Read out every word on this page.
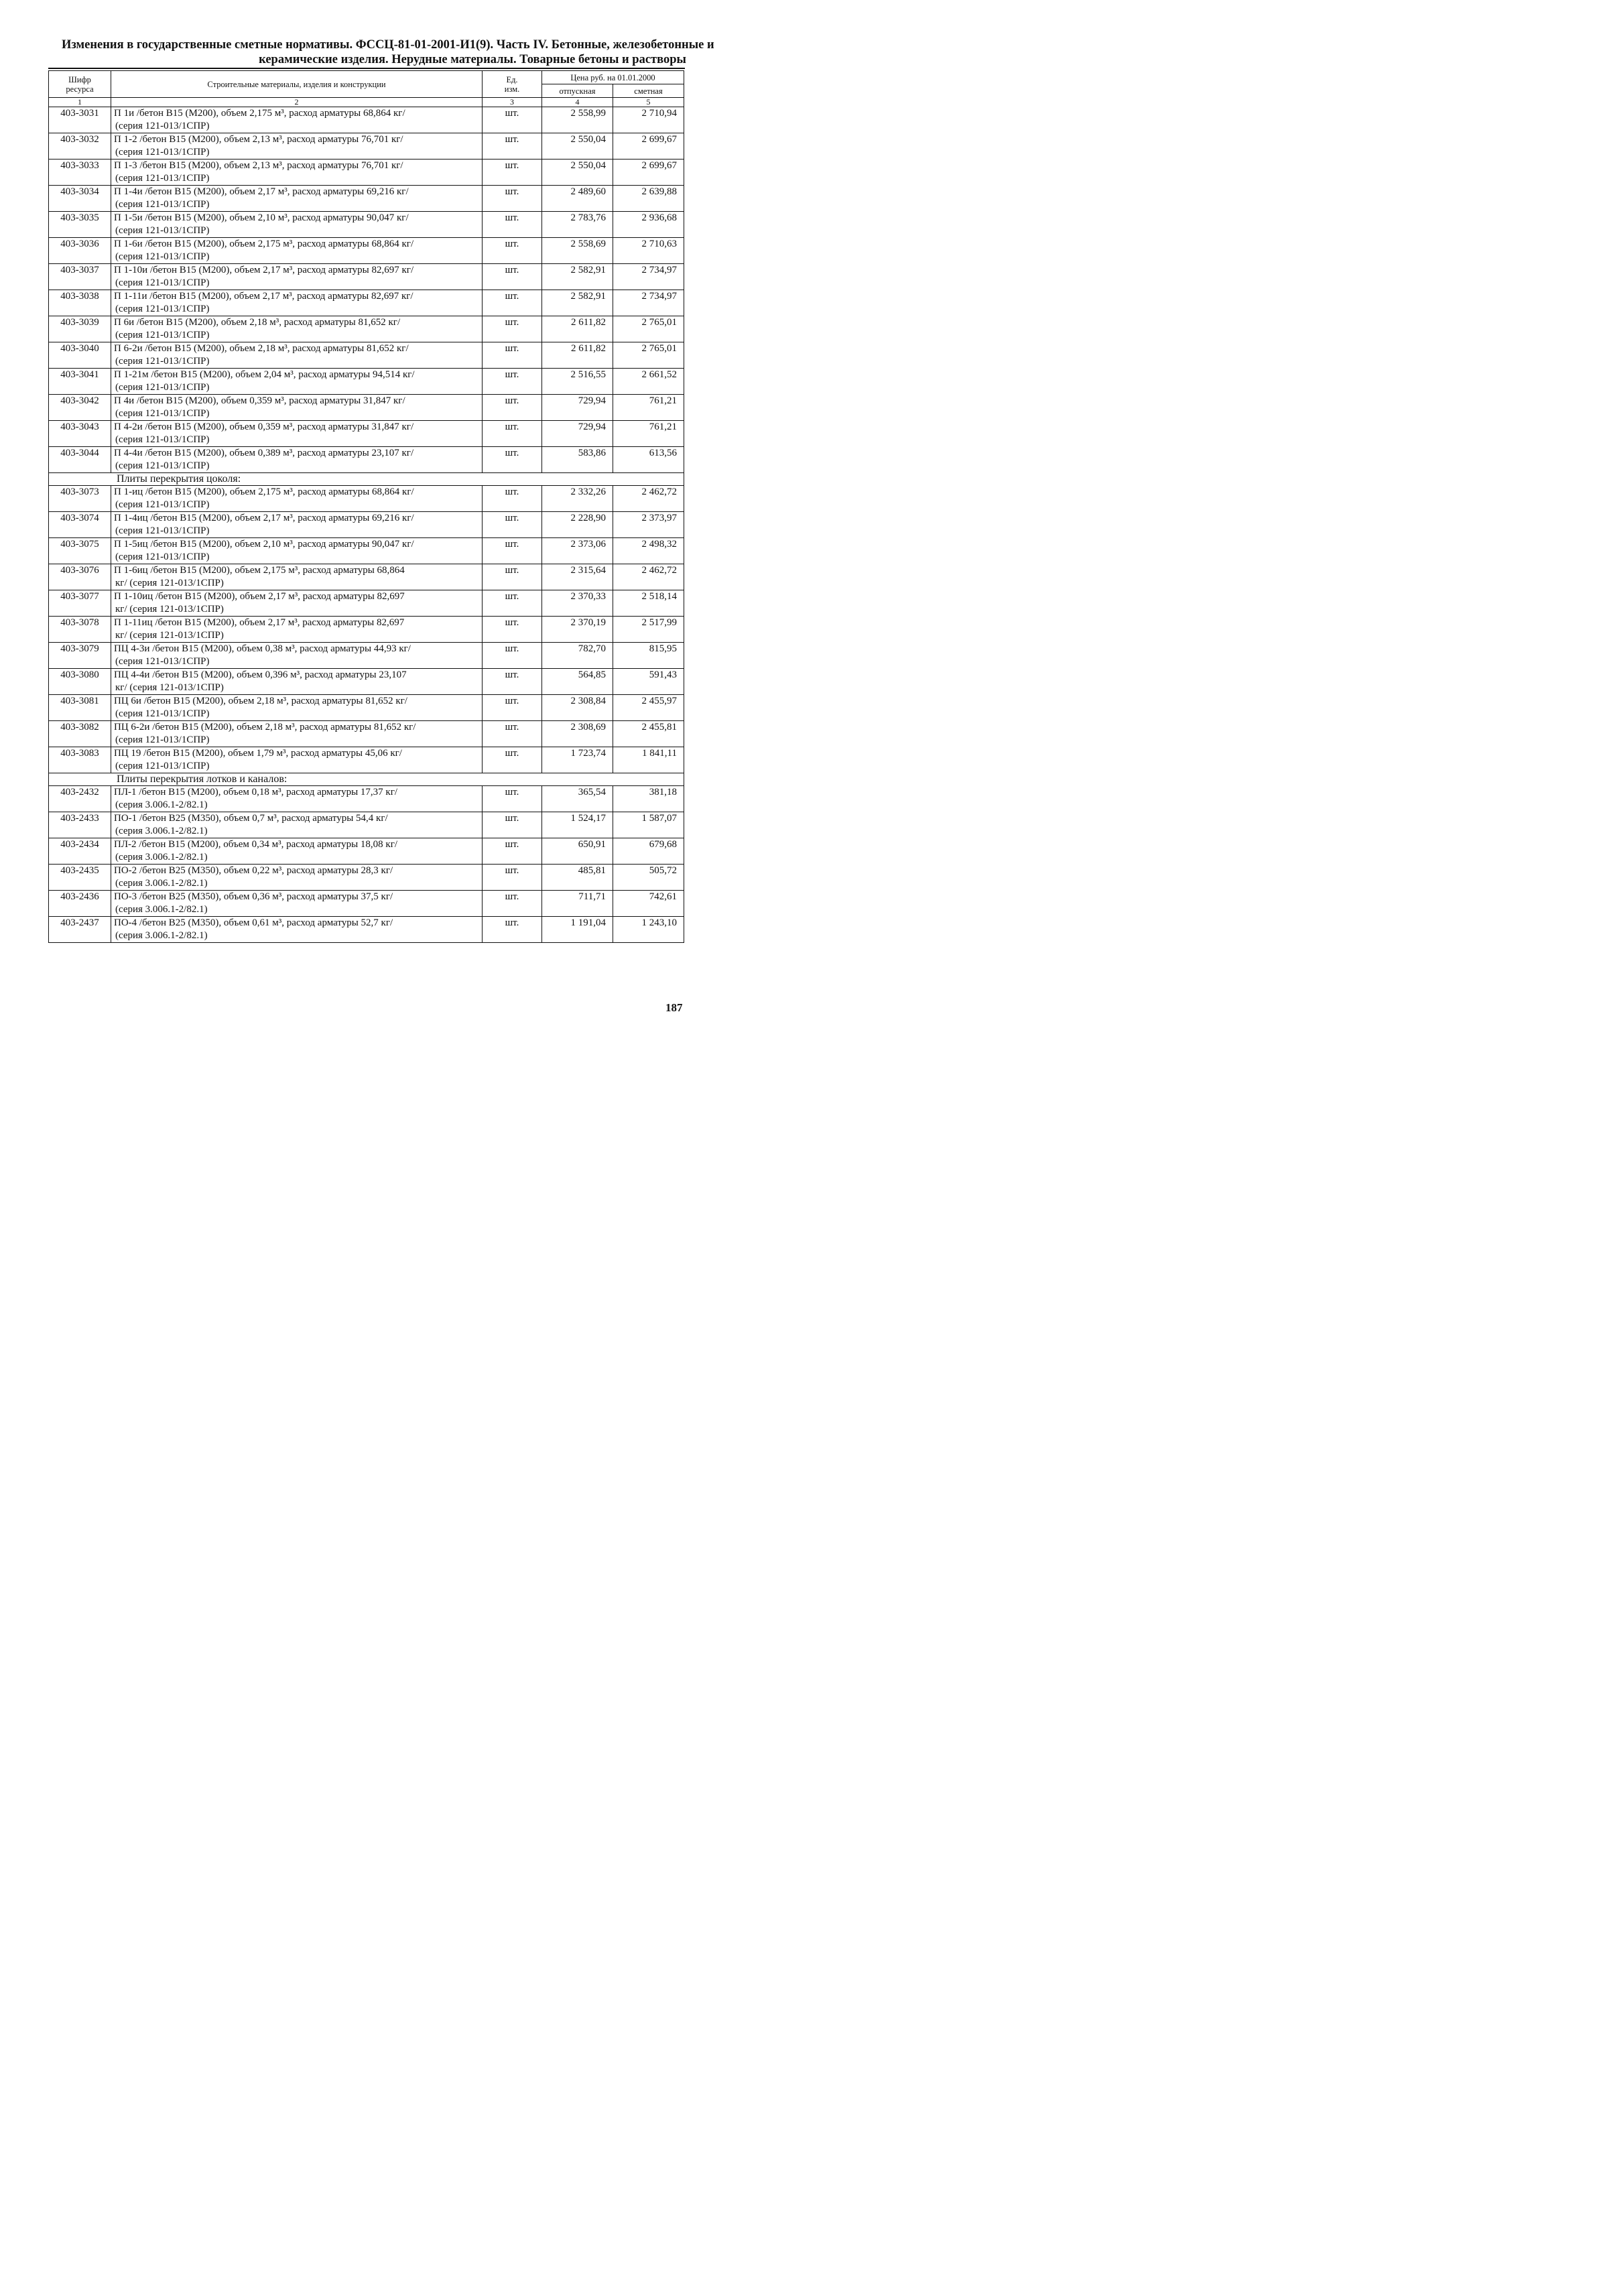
Изменения в государственные сметные нормативы. ФССЦ-81-01-2001-И1(9). Часть IV. Бетонные, железобетонные и
керамические изделия. Нерудные материалы. Товарные бетоны и растворы
Шифр ресурса	Строительные материалы, изделия и конструкции	Ед. изм.	Цена руб. на 01.01.2000	
			отпускная	сметная
1	2	3	4	5
403-3031	П 1и /бетон В15 (М200), объем 2,175 м³, расход арматуры 68,864 кг/
(серия 121-013/1СПР)	шт.	2 558,99	2 710,94
403-3032	П 1-2 /бетон В15 (М200), объем 2,13 м³, расход арматуры 76,701 кг/
(серия 121-013/1СПР)	шт.	2 550,04	2 699,67
403-3033	П 1-3 /бетон В15 (М200), объем 2,13 м³, расход арматуры 76,701 кг/
(серия 121-013/1СПР)	шт.	2 550,04	2 699,67
403-3034	П 1-4и /бетон В15 (М200), объем 2,17 м³, расход арматуры 69,216 кг/
(серия 121-013/1СПР)	шт.	2 489,60	2 639,88
403-3035	П 1-5и /бетон В15 (М200), объем 2,10 м³, расход арматуры 90,047 кг/
(серия 121-013/1СПР)	шт.	2 783,76	2 936,68
403-3036	П 1-6и /бетон В15 (М200), объем 2,175 м³, расход арматуры 68,864 кг/
(серия 121-013/1СПР)	шт.	2 558,69	2 710,63
403-3037	П 1-10и /бетон В15 (М200), объем 2,17 м³, расход арматуры 82,697 кг/
(серия 121-013/1СПР)	шт.	2 582,91	2 734,97
403-3038	П 1-11и /бетон В15 (М200), объем 2,17 м³, расход арматуры 82,697 кг/
(серия 121-013/1СПР)	шт.	2 582,91	2 734,97
403-3039	П 6и /бетон В15 (М200), объем 2,18 м³, расход арматуры 81,652 кг/
(серия 121-013/1СПР)	шт.	2 611,82	2 765,01
403-3040	П 6-2и /бетон В15 (М200), объем 2,18 м³, расход арматуры 81,652 кг/
(серия 121-013/1СПР)	шт.	2 611,82	2 765,01
403-3041	П 1-21м /бетон В15 (М200), объем 2,04 м³, расход арматуры 94,514 кг/
(серия 121-013/1СПР)	шт.	2 516,55	2 661,52
403-3042	П 4и /бетон В15 (М200), объем 0,359 м³, расход арматуры 31,847 кг/
(серия 121-013/1СПР)	шт.	729,94	761,21
403-3043	П 4-2и /бетон В15 (М200), объем 0,359 м³, расход арматуры 31,847 кг/
(серия 121-013/1СПР)	шт.	729,94	761,21
403-3044	П 4-4и /бетон В15 (М200), объем 0,389 м³, расход арматуры 23,107 кг/
(серия 121-013/1СПР)	шт.	583,86	613,56
Плиты перекрытия цоколя:				
403-3073	П 1-иц /бетон В15 (М200), объем 2,175 м³, расход арматуры 68,864 кг/
(серия 121-013/1СПР)	шт.	2 332,26	2 462,72
403-3074	П 1-4иц /бетон В15 (М200), объем 2,17 м³, расход арматуры 69,216 кг/
(серия 121-013/1СПР)	шт.	2 228,90	2 373,97
403-3075	П 1-5иц /бетон В15 (М200), объем 2,10 м³, расход арматуры 90,047 кг/
(серия 121-013/1СПР)	шт.	2 373,06	2 498,32
403-3076	П 1-6иц /бетон В15 (М200), объем 2,175 м³, расход арматуры 68,864
кг/ (серия 121-013/1СПР)	шт.	2 315,64	2 462,72
403-3077	П 1-10иц /бетон В15 (М200), объем 2,17 м³, расход арматуры 82,697
кг/ (серия 121-013/1СПР)	шт.	2 370,33	2 518,14
403-3078	П 1-11иц /бетон В15 (М200), объем 2,17 м³, расход арматуры 82,697
кг/ (серия 121-013/1СПР)	шт.	2 370,19	2 517,99
403-3079	ПЦ 4-3и /бетон В15 (М200), объем 0,38 м³, расход арматуры 44,93 кг/
(серия 121-013/1СПР)	шт.	782,70	815,95
403-3080	ПЦ 4-4и /бетон В15 (М200), объем 0,396 м³, расход арматуры 23,107
кг/ (серия 121-013/1СПР)	шт.	564,85	591,43
403-3081	ПЦ 6и /бетон В15 (М200), объем 2,18 м³, расход арматуры 81,652 кг/
(серия 121-013/1СПР)	шт.	2 308,84	2 455,97
403-3082	ПЦ 6-2и /бетон В15 (М200), объем 2,18 м³, расход арматуры 81,652 кг/
(серия 121-013/1СПР)	шт.	2 308,69	2 455,81
403-3083	ПЦ 19 /бетон В15 (М200), объем 1,79 м³, расход арматуры 45,06 кг/
(серия 121-013/1СПР)	шт.	1 723,74	1 841,11
Плиты перекрытия лотков и каналов:				
403-2432	ПЛ-1 /бетон В15 (М200), объем 0,18 м³, расход арматуры 17,37 кг/
(серия 3.006.1-2/82.1)	шт.	365,54	381,18
403-2433	ПО-1 /бетон В25 (М350), объем 0,7 м³, расход арматуры 54,4 кг/
(серия 3.006.1-2/82.1)	шт.	1 524,17	1 587,07
403-2434	ПЛ-2 /бетон В15 (М200), объем 0,34 м³, расход арматуры 18,08 кг/
(серия 3.006.1-2/82.1)	шт.	650,91	679,68
403-2435	ПО-2 /бетон В25 (М350), объем 0,22 м³, расход арматуры 28,3 кг/
(серия 3.006.1-2/82.1)	шт.	485,81	505,72
403-2436	ПО-3 /бетон В25 (М350), объем 0,36 м³, расход арматуры 37,5 кг/
(серия 3.006.1-2/82.1)	шт.	711,71	742,61
403-2437	ПО-4 /бетон В25 (М350), объем 0,61 м³, расход арматуры 52,7 кг/
(серия 3.006.1-2/82.1)	шт.	1 191,04	1 243,10
187
